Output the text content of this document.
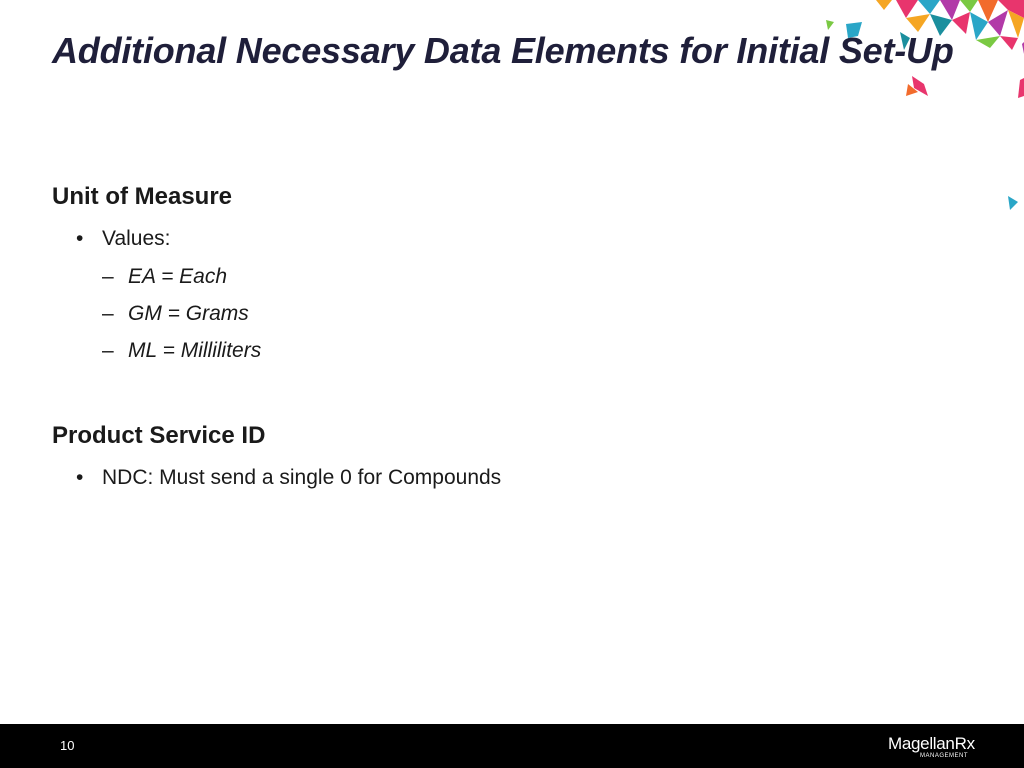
Additional Necessary Data Elements for Initial Set-Up
Unit of Measure
• Values:
– EA = Each
– GM = Grams
– ML = Milliliters
Product Service ID
• NDC: Must send a single 0 for Compounds
10	MagellanRx
MANAGEMENT
